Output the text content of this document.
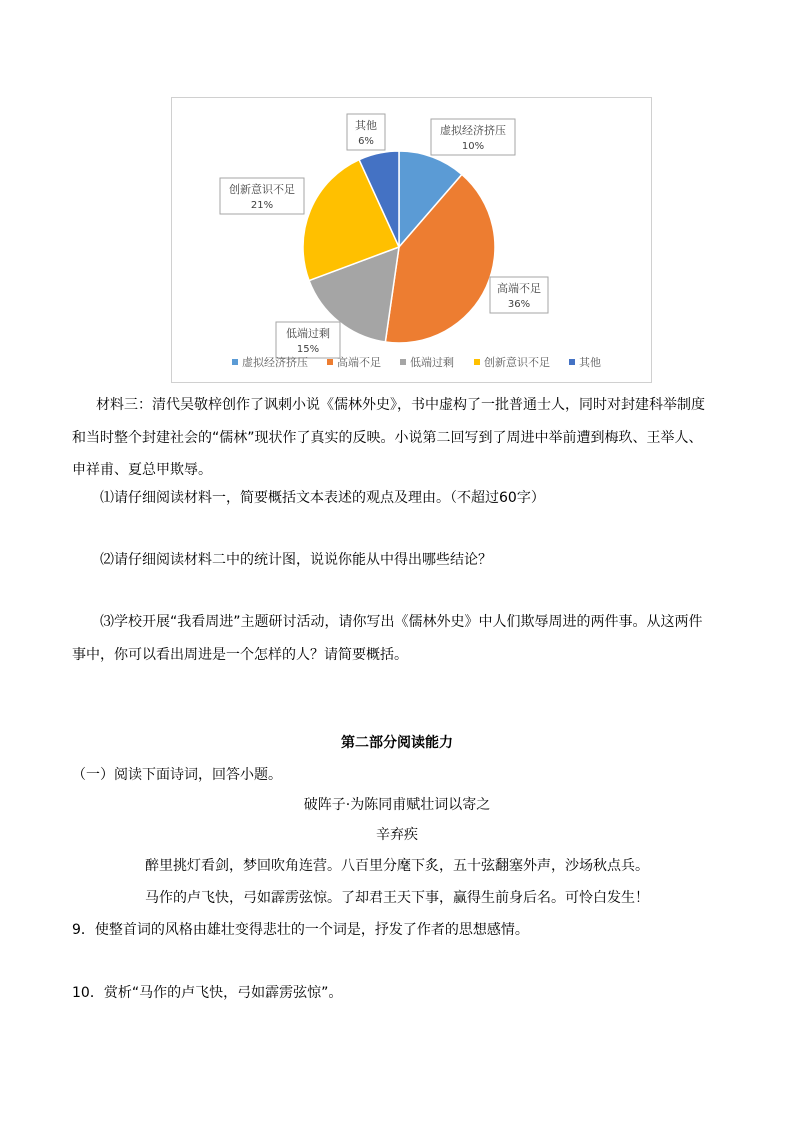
虚拟经济挤压
10%
高端不足
36%
低端过剩
15%
创新意识不足
21%
其他
6%
虚拟经济挤压	高端不足	低端过剩	创新意识不足	其他
材料三：清代吴敬梓创作了讽刺小说《儒林外史》，书中虚构了一批普通士人，同时对封建科举制度
和当时整个封建社会的“儒林”现状作了真实的反映。小说第二回写到了周进中举前遭到梅玖、王举人、
申祥甫、夏总甲欺辱。
⑴请仔细阅读材料一，简要概括文本表述的观点及理由。（不超过60字）
⑵请仔细阅读材料二中的统计图，说说你能从中得出哪些结论？
⑶学校开展“我看周进”主题研讨活动，请你写出《儒林外史》中人们欺辱周进的两件事。从这两件
事中，你可以看出周进是一个怎样的人？请简要概括。
第二部分阅读能力
（一）阅读下面诗词，回答小题。
破阵子·为陈同甫赋壮词以寄之
辛弃疾
醉里挑灯看剑，梦回吹角连营。八百里分麾下炙，五十弦翻塞外声，沙场秋点兵。
马作的卢飞快，弓如霹雳弦惊。了却君王天下事，赢得生前身后名。可怜白发生！
9．使整首词的风格由雄壮变得悲壮的一个词是，抒发了作者的思想感情。
10．赏析“马作的卢飞快，弓如霹雳弦惊”。
